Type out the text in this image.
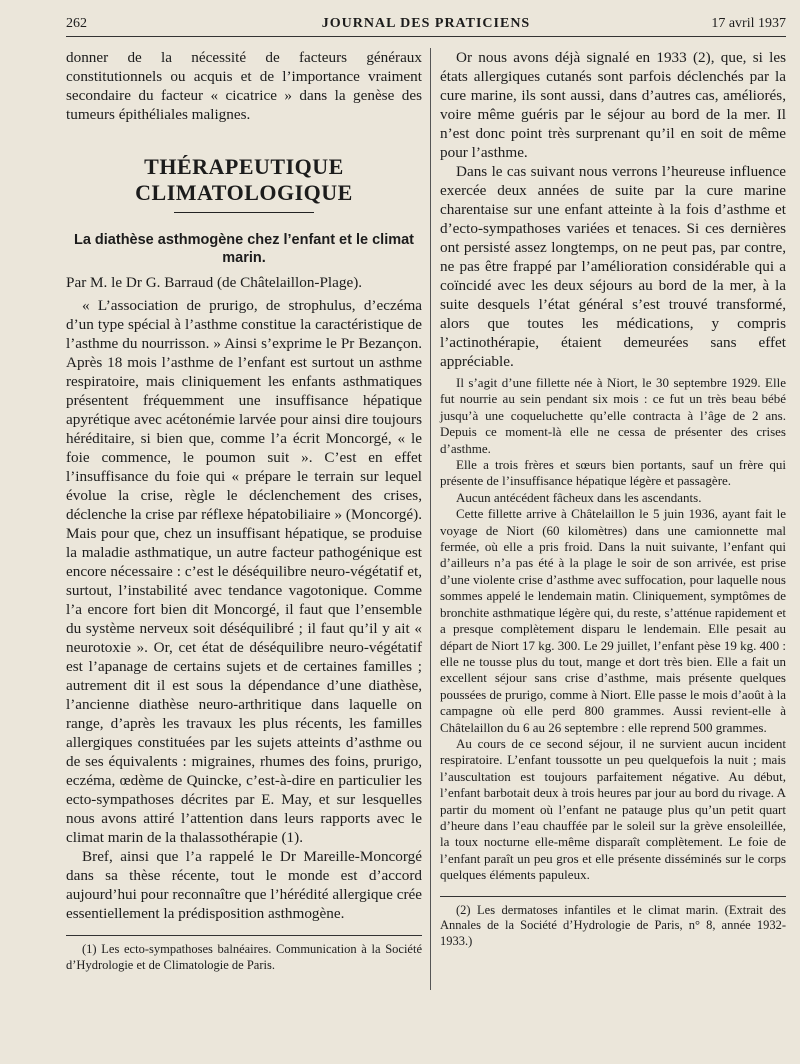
262	JOURNAL DES PRATICIENS	17 avril 1937

donner de la nécessité de facteurs généraux constitutionnels ou acquis et de l’importance vraiment secondaire du facteur « cicatrice » dans la genèse des tumeurs épithéliales malignes.

THÉRAPEUTIQUE CLIMATOLOGIQUE
La diathèse asthmogène chez l’enfant et le climat marin.

Par M. le Dr G. Barraud (de Châtelaillon-Plage).

« L’association de prurigo, de strophulus, d’eczéma d’un type spécial à l’asthme constitue la caractéristique de l’asthme du nourrisson. » Ainsi s’exprime le Pr Bezançon. Après 18 mois l’asthme de l’enfant est surtout un asthme respiratoire, mais cliniquement les enfants asthmatiques présentent fréquemment une insuffisance hépatique apyrétique avec acétonémie larvée pour ainsi dire toujours héréditaire, si bien que, comme l’a écrit Moncorgé, « le foie commence, le poumon suit ». C’est en effet l’insuffisance du foie qui « prépare le terrain sur lequel évolue la crise, règle le déclenchement des crises, déclenche la crise par réflexe hépatobiliaire » (Moncorgé). Mais pour que, chez un insuffisant hépatique, se produise la maladie asthmatique, un autre facteur pathogénique est encore nécessaire : c’est le déséquilibre neuro-végétatif et, surtout, l’instabilité avec tendance vagotonique. Comme l’a encore fort bien dit Moncorgé, il faut que l’ensemble du système nerveux soit déséquilibré ; il faut qu’il y ait « neurotoxie ». Or, cet état de déséquilibre neuro-végétatif est l’apanage de certains sujets et de certaines familles ; autrement dit il est sous la dépendance d’une diathèse, l’ancienne diathèse neuro-arthritique dans laquelle on range, d’après les travaux les plus récents, les familles allergiques constituées par les sujets atteints d’asthme ou de ses équivalents : migraines, rhumes des foins, prurigo, eczéma, œdème de Quincke, c’est-à-dire en particulier les ecto-sympathoses décrites par E. May, et sur lesquelles nous avons attiré l’attention dans leurs rapports avec le climat marin de la thalassothérapie (1).

Bref, ainsi que l’a rappelé le Dr Mareille-Moncorgé dans sa thèse récente, tout le monde est d’accord aujourd’hui pour reconnaître que l’hérédité allergique crée essentiellement la prédisposition asthmogène.

(1) Les ecto-sympathoses balnéaires. Communication à la Société d’Hydrologie et de Climatologie de Paris.

Or nous avons déjà signalé en 1933 (2), que, si les états allergiques cutanés sont parfois déclenchés par la cure marine, ils sont aussi, dans d’autres cas, améliorés, voire même guéris par le séjour au bord de la mer. Il n’est donc point très surprenant qu’il en soit de même pour l’asthme.

Dans le cas suivant nous verrons l’heureuse influence exercée deux années de suite par la cure marine charentaise sur une enfant atteinte à la fois d’asthme et d’ecto-sympathoses variées et tenaces. Si ces dernières ont persisté assez longtemps, on ne peut pas, par contre, ne pas être frappé par l’amélioration considérable qui a coïncidé avec les deux séjours au bord de la mer, à la suite desquels l’état général s’est trouvé transformé, alors que toutes les médications, y compris l’actinothérapie, étaient demeurées sans effet appréciable.

Il s’agit d’une fillette née à Niort, le 30 septembre 1929. Elle fut nourrie au sein pendant six mois : ce fut un très beau bébé jusqu’à une coqueluchette qu’elle contracta à l’âge de 2 ans. Depuis ce moment-là elle ne cessa de présenter des crises d’asthme.

Elle a trois frères et sœurs bien portants, sauf un frère qui présente de l’insuffisance hépatique légère et passagère.

Aucun antécédent fâcheux dans les ascendants.

Cette fillette arrive à Châtelaillon le 5 juin 1936, ayant fait le voyage de Niort (60 kilomètres) dans une camionnette mal fermée, où elle a pris froid. Dans la nuit suivante, l’enfant qui d’ailleurs n’a pas été à la plage le soir de son arrivée, est prise d’une violente crise d’asthme avec suffocation, pour laquelle nous sommes appelé le lendemain matin. Cliniquement, symptômes de bronchite asthmatique légère qui, du reste, s’atténue rapidement et a presque complètement disparu le lendemain. Elle pesait au départ de Niort 17 kg. 300. Le 29 juillet, l’enfant pèse 19 kg. 400 : elle ne tousse plus du tout, mange et dort très bien. Elle a fait un excellent séjour sans crise d’asthme, mais présente quelques poussées de prurigo, comme à Niort. Elle passe le mois d’août à la campagne où elle perd 800 grammes. Aussi revient-elle à Châtelaillon du 6 au 26 septembre : elle reprend 500 grammes.

Au cours de ce second séjour, il ne survient aucun incident respiratoire. L’enfant toussotte un peu quelquefois la nuit ; mais l’auscultation est toujours parfaitement négative. Au début, l’enfant barbotait deux à trois heures par jour au bord du rivage. A partir du moment où l’enfant ne patauge plus qu’un petit quart d’heure dans l’eau chauffée par le soleil sur la grève ensoleillée, la toux nocturne elle-même disparaît complètement. Le foie de l’enfant paraît un peu gros et elle présente disséminés sur le corps quelques éléments papuleux.

(2) Les dermatoses infantiles et le climat marin. (Extrait des Annales de la Société d’Hydrologie de Paris, n° 8, année 1932-1933.)
